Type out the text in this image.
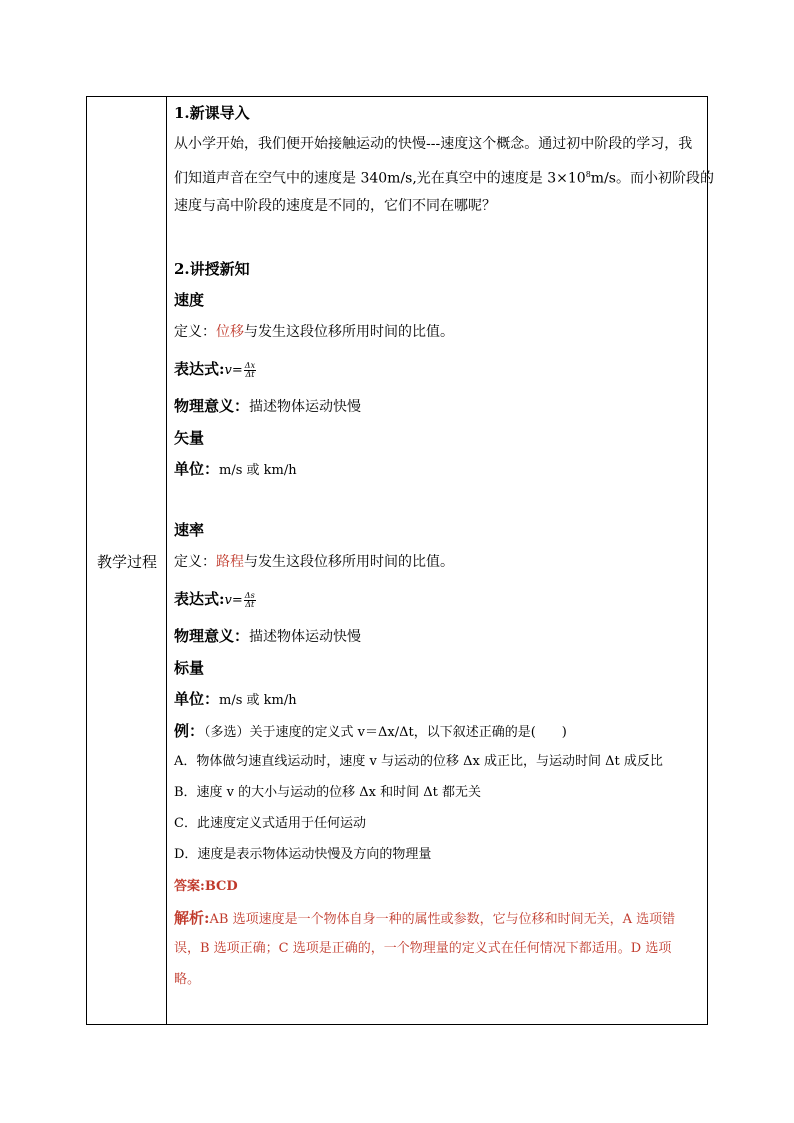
教学过程
1.新课导入
从小学开始，我们便开始接触运动的快慢---速度这个概念。通过初中阶段的学习，我
们知道声音在空气中的速度是 340m/s,光在真空中的速度是 $3\times 10^8m/s$。而小初阶段的
速度与高中阶段的速度是不同的，它们不同在哪呢？
2.讲授新知
速度
定义：位移与发生这段位移所用时间的比值。
表达式:v= $\frac{\Delta x}{\Delta t}$
物理意义：描述物体运动快慢
矢量
单位：m/s 或 km/h
速率
定义：路程与发生这段位移所用时间的比值。
表达式:v= $\frac{\Delta s}{\Delta t}$
物理意义：描述物体运动快慢
标量
单位：m/s 或 km/h
例：（多选）关于速度的定义式 v＝Δx/Δt，以下叙述正确的是(　　)
A．物体做匀速直线运动时，速度 v 与运动的位移 Δx 成正比，与运动时间 Δt 成反比
B．速度 v 的大小与运动的位移 Δx 和时间 Δt 都无关
C．此速度定义式适用于任何运动
D．速度是表示物体运动快慢及方向的物理量
答案:BCD
解析:AB 选项速度是一个物体自身一种的属性或参数，它与位移和时间无关，A 选项错
误，B 选项正确；C 选项是正确的，一个物理量的定义式在任何情况下都适用。D 选项
略。
